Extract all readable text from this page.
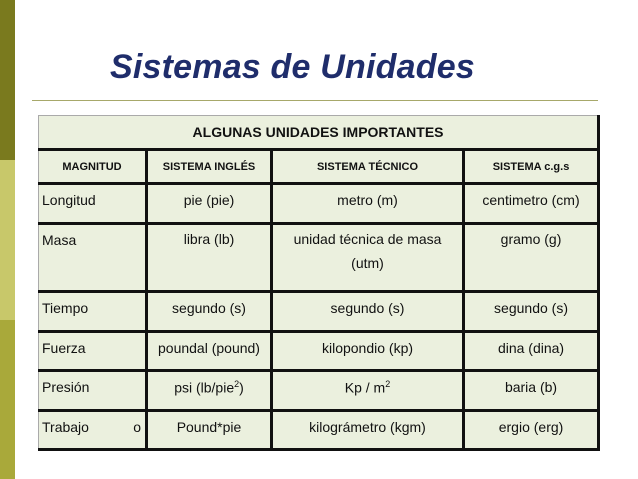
Sistemas de Unidades
ALGUNAS UNIDADES IMPORTANTES			
MAGNITUD	SISTEMA INGLÉS	SISTEMA TÉCNICO	SISTEMA c.g.s
Longitud	pie (pie)	metro (m)	centimetro (cm)
Masa	libra (lb)	unidad técnica de masa (utm)	gramo (g)
Tiempo	segundo (s)	segundo (s)	segundo (s)
Fuerza	poundal (pound)	kilopondio (kp)	dina (dina)
Presión	psi (lb/pie$^2$)	Kp / $m^2$	baria (b)
Trabajo o	Pound*pie	kilográmetro (kgm)	ergio (erg)
